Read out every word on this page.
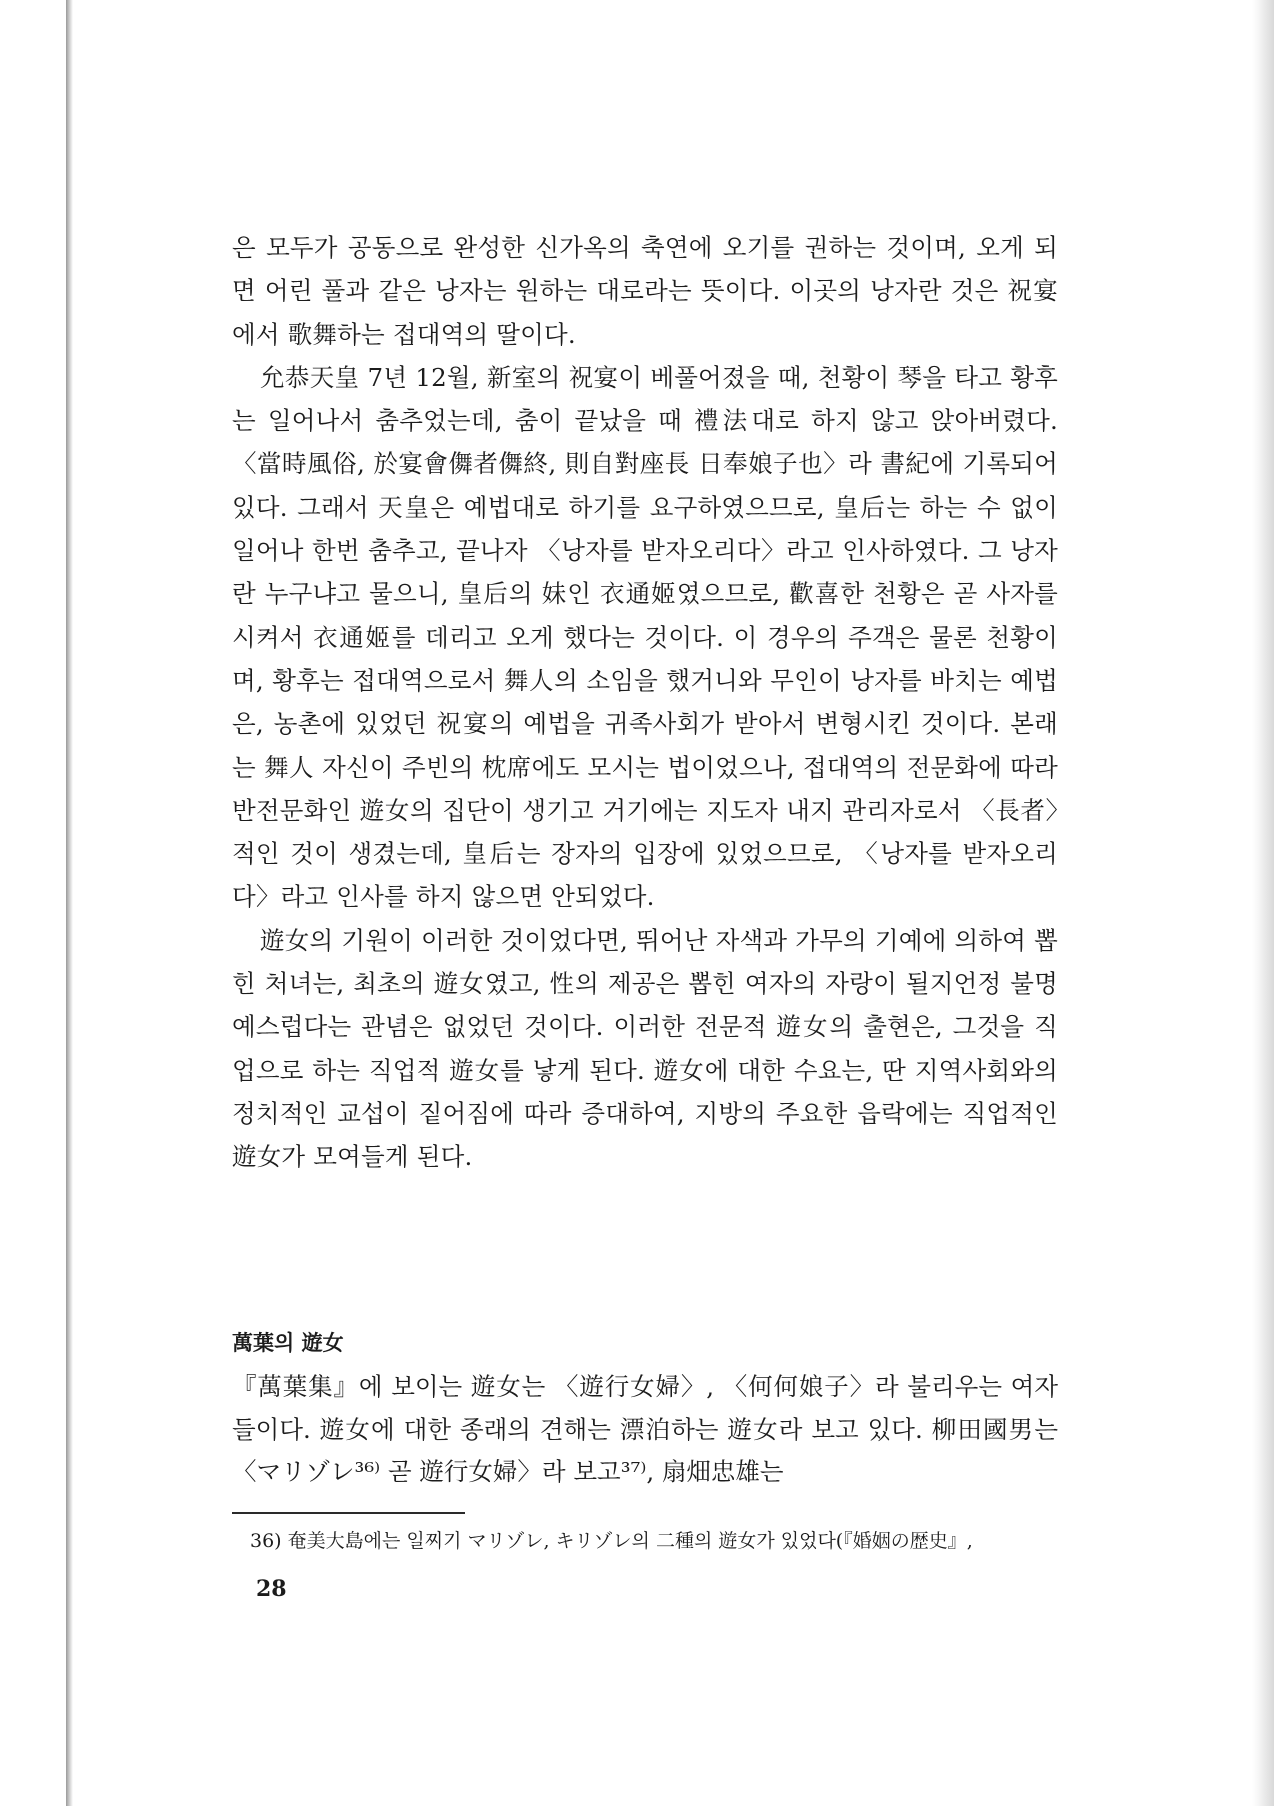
은 모두가 공동으로 완성한 신가옥의 축연에 오기를 권하는 것이며, 오게 되면 어린 풀과 같은 낭자는 원하는 대로라는 뜻이다. 이곳의 낭자란 것은 祝宴에서 歌舞하는 접대역의 딸이다.

允恭天皇 7년 12월, 新室의 祝宴이 베풀어졌을 때, 천황이 琴을 타고 황후는 일어나서 춤추었는데, 춤이 끝났을 때 禮法대로 하지 않고 앉아버렸다. 〈當時風俗, 於宴會儛者儛終, 則自對座長 日奉娘子也〉라 書紀에 기록되어 있다. 그래서 天皇은 예법대로 하기를 요구하였으므로, 皇后는 하는 수 없이 일어나 한번 춤추고, 끝나자 〈낭자를 받자오리다〉라고 인사하였다. 그 낭자란 누구냐고 물으니, 皇后의 妹인 衣通姬였으므로, 歡喜한 천황은 곧 사자를 시켜서 衣通姬를 데리고 오게 했다는 것이다. 이 경우의 주객은 물론 천황이며, 황후는 접대역으로서 舞人의 소임을 했거니와 무인이 낭자를 바치는 예법은, 농촌에 있었던 祝宴의 예법을 귀족사회가 받아서 변형시킨 것이다. 본래는 舞人 자신이 주빈의 枕席에도 모시는 법이었으나, 접대역의 전문화에 따라 반전문화인 遊女의 집단이 생기고 거기에는 지도자 내지 관리자로서 〈長者〉적인 것이 생겼는데, 皇后는 장자의 입장에 있었으므로, 〈낭자를 받자오리다〉라고 인사를 하지 않으면 안되었다.

遊女의 기원이 이러한 것이었다면, 뛰어난 자색과 가무의 기예에 의하여 뽑힌 처녀는, 최초의 遊女였고, 性의 제공은 뽑힌 여자의 자랑이 될지언정 불명예스럽다는 관념은 없었던 것이다. 이러한 전문적 遊女의 출현은, 그것을 직업으로 하는 직업적 遊女를 낳게 된다. 遊女에 대한 수요는, 딴 지역사회와의 정치적인 교섭이 짙어짐에 따라 증대하여, 지방의 주요한 읍락에는 직업적인 遊女가 모여들게 된다.

萬葉의 遊女

『萬葉集』에 보이는 遊女는 〈遊行女婦〉, 〈何何娘子〉라 불리우는 여자들이다. 遊女에 대한 종래의 견해는 漂泊하는 遊女라 보고 있다. 柳田國男는 〈マリゾレ³⁶⁾ 곧 遊行女婦〉라 보고³⁷⁾, 扇畑忠雄는

36) 奄美大島에는 일찌기 マリゾレ, キリゾレ의 二種의 遊女가 있었다(『婚姻の歴史』,
28
